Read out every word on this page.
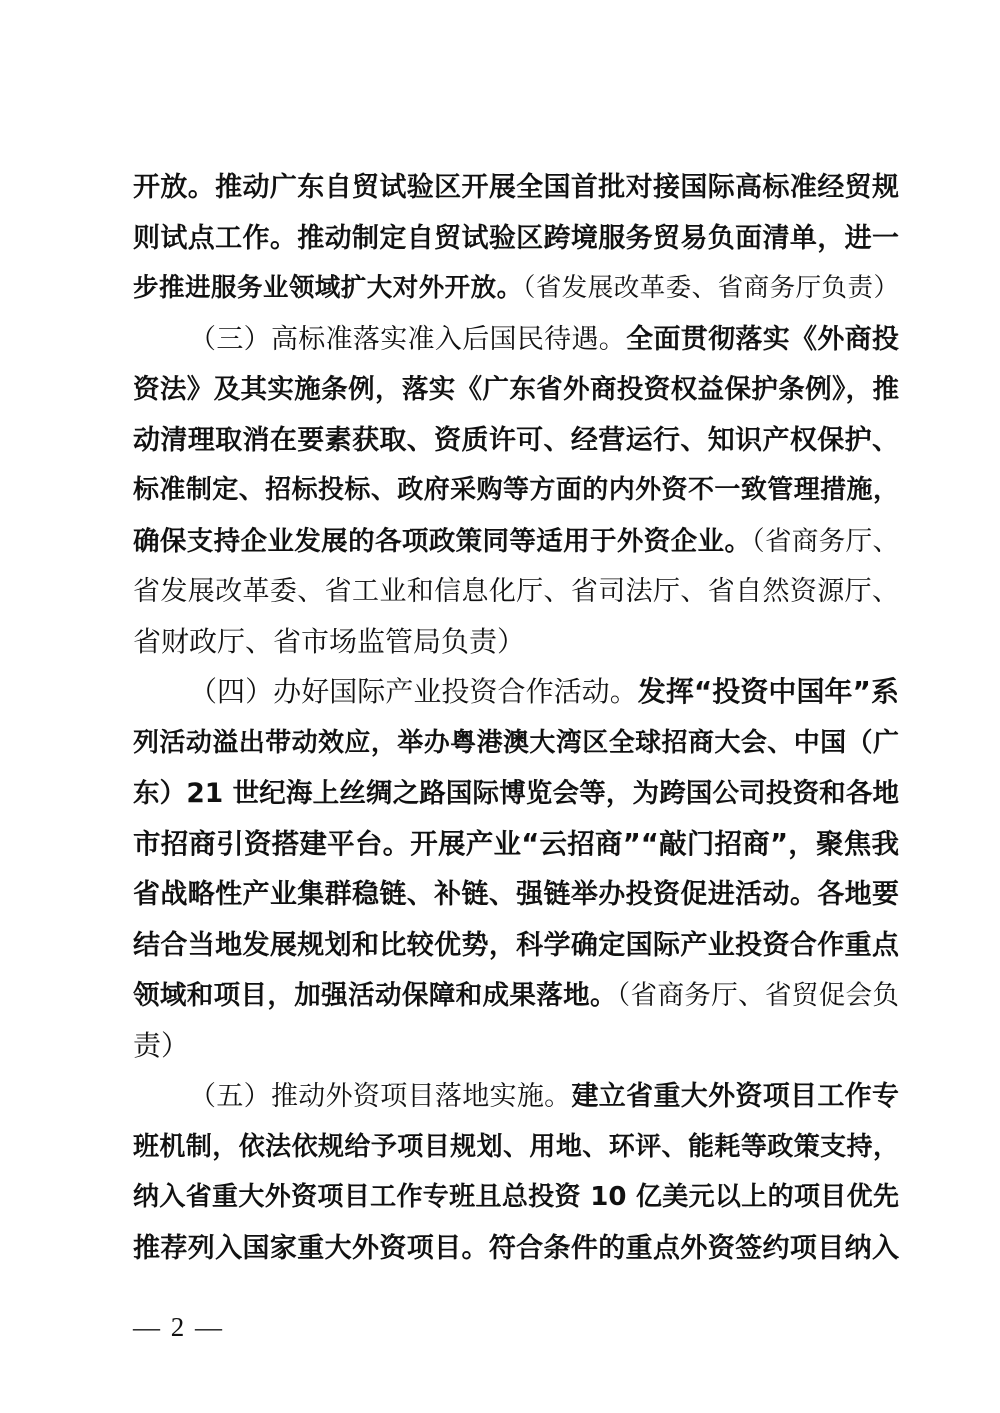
开放。推动广东自贸试验区开展全国首批对接国际高标准经贸规
则试点工作。推动制定自贸试验区跨境服务贸易负面清单，进一
步推进服务业领域扩大对外开放。（省发展改革委、省商务厅负责）
（三）高标准落实准入后国民待遇。全面贯彻落实《外商投
资法》及其实施条例，落实《广东省外商投资权益保护条例》，推
动清理取消在要素获取、资质许可、经营运行、知识产权保护、
标准制定、招标投标、政府采购等方面的内外资不一致管理措施，
确保支持企业发展的各项政策同等适用于外资企业。（省商务厅、
省发展改革委、省工业和信息化厅、省司法厅、省自然资源厅、
省财政厅、省市场监管局负责）
（四）办好国际产业投资合作活动。发挥“投资中国年”系
列活动溢出带动效应，举办粤港澳大湾区全球招商大会、中国（广
东）21 世纪海上丝绸之路国际博览会等，为跨国公司投资和各地
市招商引资搭建平台。开展产业“云招商”“敲门招商”，聚焦我
省战略性产业集群稳链、补链、强链举办投资促进活动。各地要
结合当地发展规划和比较优势，科学确定国际产业投资合作重点
领域和项目，加强活动保障和成果落地。（省商务厅、省贸促会负
责）
（五）推动外资项目落地实施。建立省重大外资项目工作专
班机制，依法依规给予项目规划、用地、环评、能耗等政策支持，
纳入省重大外资项目工作专班且总投资 10 亿美元以上的项目优先
推荐列入国家重大外资项目。符合条件的重点外资签约项目纳入
— 2 —
